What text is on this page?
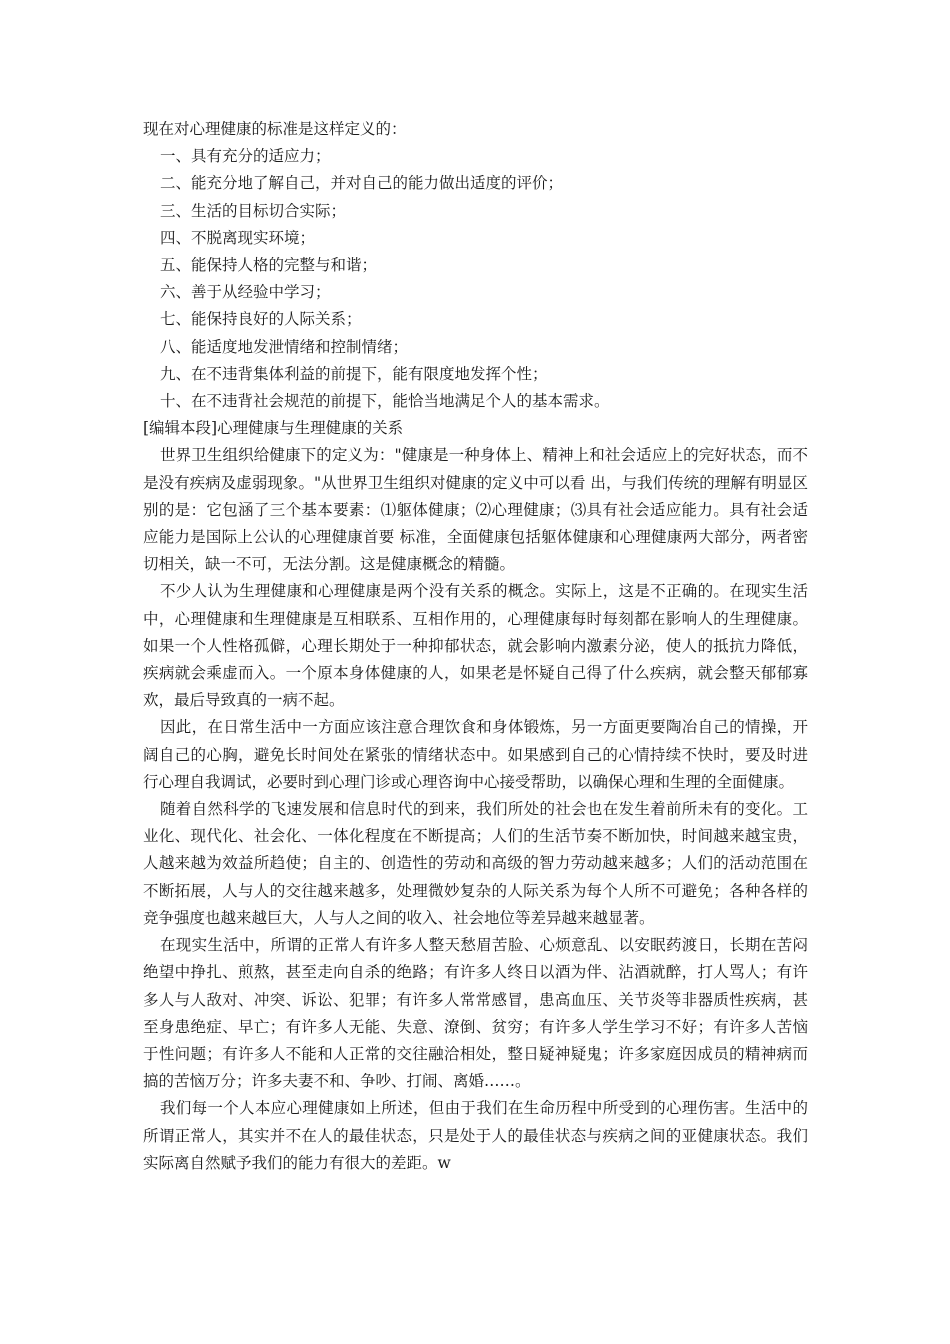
现在对心理健康的标准是这样定义的：
一、具有充分的适应力；
二、能充分地了解自己，并对自己的能力做出适度的评价；
三、生活的目标切合实际；
四、不脱离现实环境；
五、能保持人格的完整与和谐；
六、善于从经验中学习；
七、能保持良好的人际关系；
八、能适度地发泄情绪和控制情绪；
九、在不违背集体利益的前提下，能有限度地发挥个性；
十、在不违背社会规范的前提下，能恰当地满足个人的基本需求。
[编辑本段]心理健康与生理健康的关系

世界卫生组织给健康下的定义为："健康是一种身体上、精神上和社会适应上的完好状态，而不是没有疾病及虚弱现象。"从世界卫生组织对健康的定义中可以看 出，与我们传统的理解有明显区别的是：它包涵了三个基本要素：⑴躯体健康；⑵心理健康；⑶具有社会适应能力。具有社会适应能力是国际上公认的心理健康首要 标准，全面健康包括躯体健康和心理健康两大部分，两者密切相关，缺一不可，无法分割。这是健康概念的精髓。

不少人认为生理健康和心理健康是两个没有关系的概念。实际上，这是不正确的。在现实生活中，心理健康和生理健康是互相联系、互相作用的，心理健康每时每刻都在影响人的生理健康。如果一个人性格孤僻，心理长期处于一种抑郁状态，就会影响内激素分泌，使人的抵抗力降低，疾病就会乘虚而入。一个原本身体健康的人，如果老是怀疑自己得了什么疾病，就会整天郁郁寡欢，最后导致真的一病不起。

因此，在日常生活中一方面应该注意合理饮食和身体锻炼，另一方面更要陶冶自己的情操，开阔自己的心胸，避免长时间处在紧张的情绪状态中。如果感到自己的心情持续不快时，要及时进行心理自我调试，必要时到心理门诊或心理咨询中心接受帮助，以确保心理和生理的全面健康。

随着自然科学的飞速发展和信息时代的到来，我们所处的社会也在发生着前所未有的变化。工业化、现代化、社会化、一体化程度在不断提高；人们的生活节奏不断加快，时间越来越宝贵，人越来越为效益所趋使；自主的、创造性的劳动和高级的智力劳动越来越多；人们的活动范围在不断拓展，人与人的交往越来越多，处理微妙复杂的人际关系为每个人所不可避免；各种各样的竞争强度也越来越巨大，人与人之间的收入、社会地位等差异越来越显著。

在现实生活中，所谓的正常人有许多人整天愁眉苦脸、心烦意乱、以安眠药渡日，长期在苦闷绝望中挣扎、煎熬，甚至走向自杀的绝路；有许多人终日以酒为伴、沾酒就醉，打人骂人；有许多人与人敌对、冲突、诉讼、犯罪；有许多人常常感冒，患高血压、关节炎等非器质性疾病，甚至身患绝症、早亡；有许多人无能、失意、潦倒、贫穷；有许多人学生学习不好；有许多人苦恼于性问题；有许多人不能和人正常的交往融洽相处，整日疑神疑鬼；许多家庭因成员的精神病而搞的苦恼万分；许多夫妻不和、争吵、打闹、离婚……。

我们每一个人本应心理健康如上所述，但由于我们在生命历程中所受到的心理伤害。生活中的所谓正常人，其实并不在人的最佳状态，只是处于人的最佳状态与疾病之间的亚健康状态。我们实际离自然赋予我们的能力有很大的差距。w
